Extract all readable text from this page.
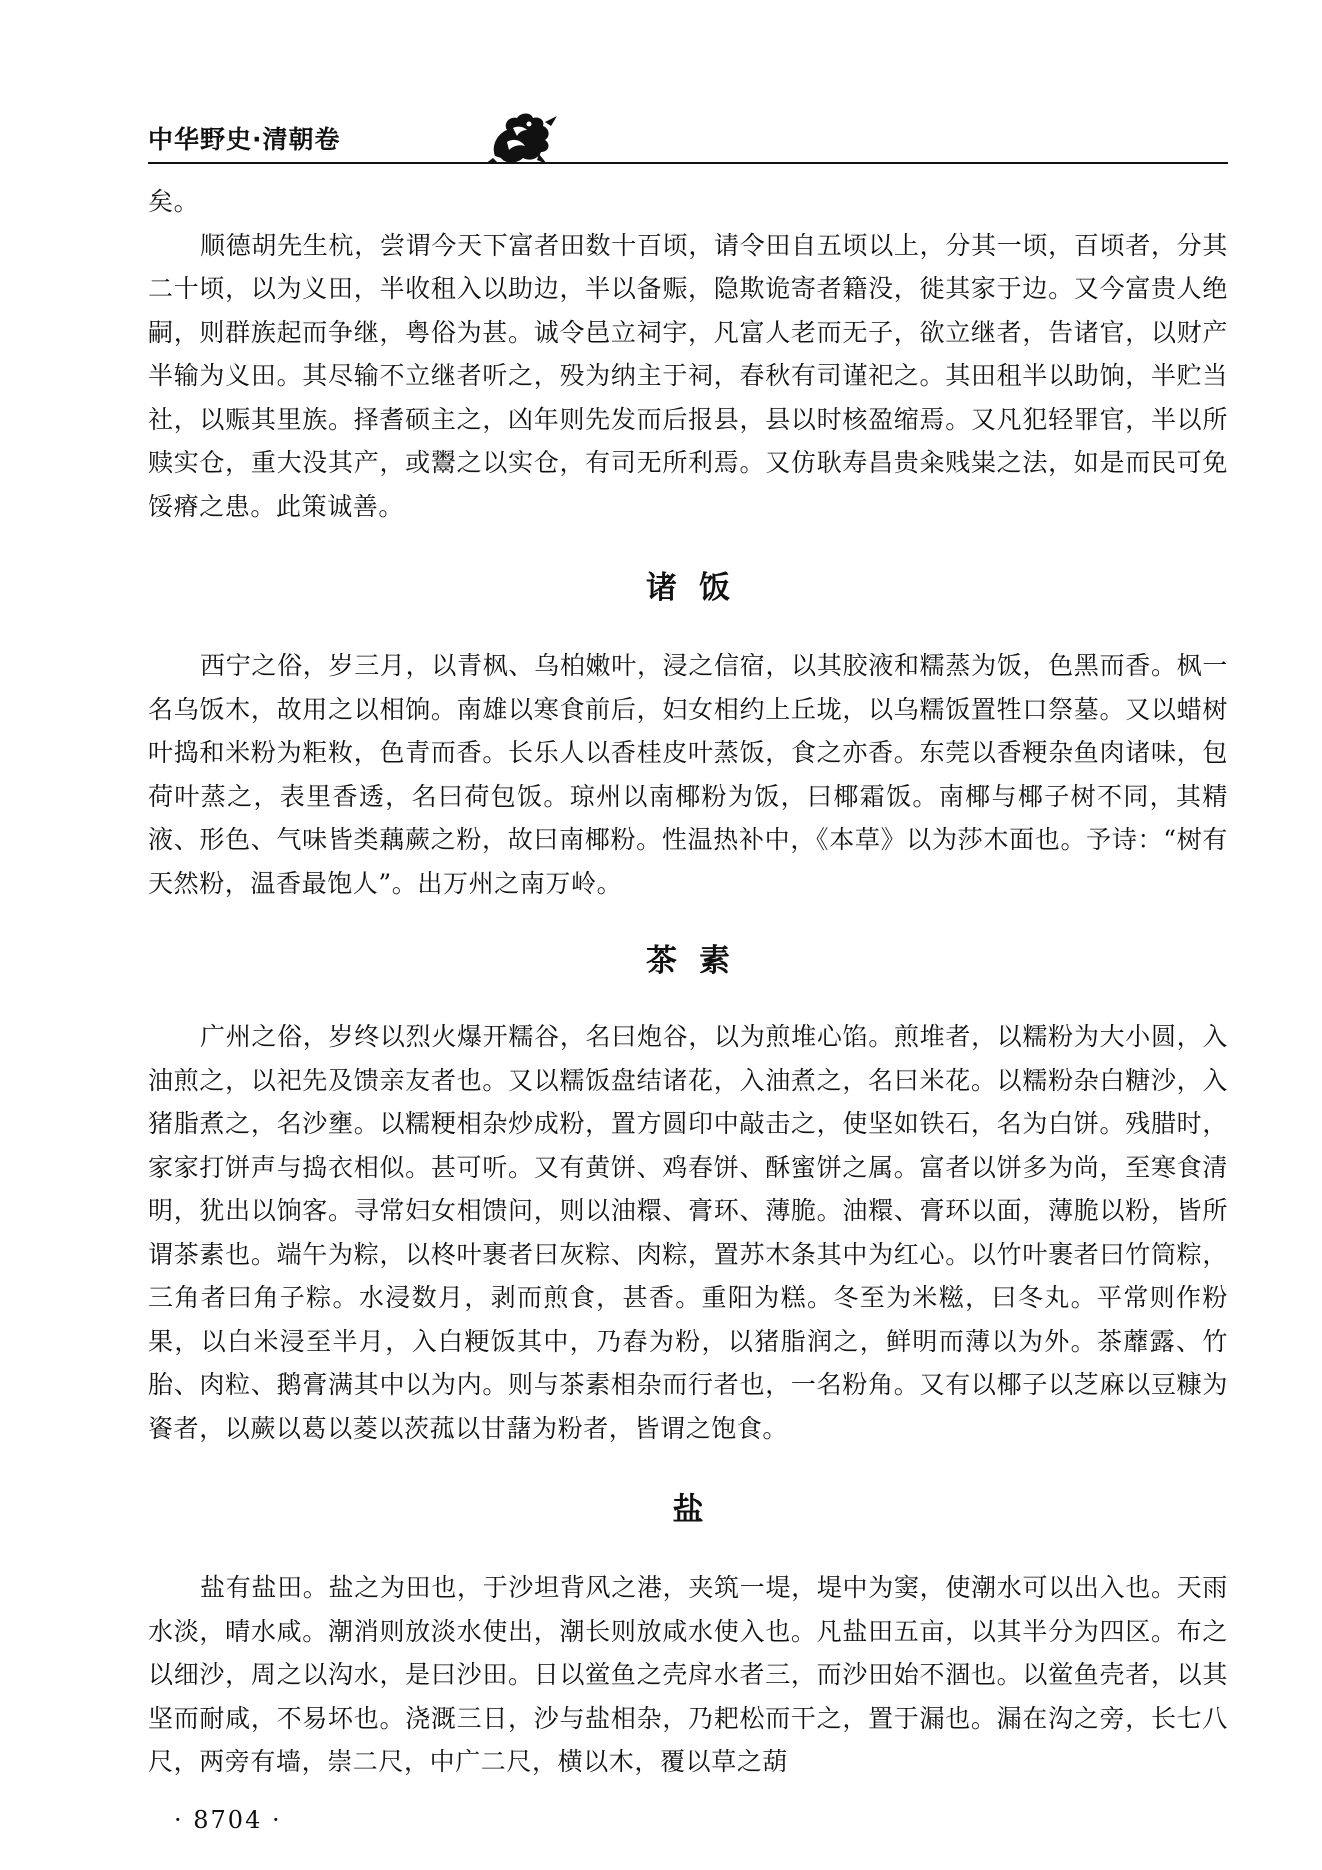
中华野史·清朝卷

矣。

顺德胡先生杭，尝谓今天下富者田数十百顷，请令田自五顷以上，分其一顷，百顷者，分其二十顷，以为义田，半收租入以助边，半以备赈，隐欺诡寄者籍没，徙其家于边。又今富贵人绝嗣，则群族起而争继，粤俗为甚。诚令邑立祠宇，凡富人老而无子，欲立继者，告诸官，以财产半输为义田。其尽输不立继者听之，殁为纳主于祠，春秋有司谨祀之。其田租半以助饷，半贮当社，以赈其里族。择耆硕主之，凶年则先发而后报县，县以时核盈缩焉。又凡犯轻罪官，半以所赎实仓，重大没其产，或鬻之以实仓，有司无所利焉。又仿耿寿昌贵籴贱粜之法，如是而民可免馁瘠之患。此策诚善。

诸饭

西宁之俗，岁三月，以青枫、乌柏嫩叶，浸之信宿，以其胶液和糯蒸为饭，色黑而香。枫一名乌饭木，故用之以相饷。南雄以寒食前后，妇女相约上丘垅，以乌糯饭置牲口祭墓。又以蜡树叶捣和米粉为粔籹，色青而香。长乐人以香桂皮叶蒸饭，食之亦香。东莞以香粳杂鱼肉诸味，包荷叶蒸之，表里香透，名曰荷包饭。琼州以南椰粉为饭，曰椰霜饭。南椰与椰子树不同，其精液、形色、气味皆类藕蕨之粉，故曰南椰粉。性温热补中，《本草》以为莎木面也。予诗：“树有天然粉，温香最饱人”。出万州之南万岭。

茶素

广州之俗，岁终以烈火爆开糯谷，名曰炮谷，以为煎堆心馅。煎堆者，以糯粉为大小圆，入油煎之，以祀先及馈亲友者也。又以糯饭盘结诸花，入油煮之，名曰米花。以糯粉杂白糖沙，入猪脂煮之，名沙壅。以糯粳相杂炒成粉，置方圆印中敲击之，使坚如铁石，名为白饼。残腊时，家家打饼声与捣衣相似。甚可听。又有黄饼、鸡春饼、酥蜜饼之属。富者以饼多为尚，至寒食清明，犹出以饷客。寻常妇女相馈问，则以油糫、膏环、薄脆。油糫、膏环以面，薄脆以粉，皆所谓茶素也。端午为粽，以柊叶裹者曰灰粽、肉粽，置苏木条其中为红心。以竹叶裹者曰竹筒粽，三角者曰角子粽。水浸数月，剥而煎食，甚香。重阳为糕。冬至为米糍，曰冬丸。平常则作粉果，以白米浸至半月，入白粳饭其中，乃舂为粉，以猪脂润之，鲜明而薄以为外。茶蘼露、竹胎、肉粒、鹅膏满其中以为内。则与茶素相杂而行者也，一名粉角。又有以椰子以芝麻以豆糠为餈者，以蕨以葛以菱以茨菰以甘藷为粉者，皆谓之饱食。

盐

盐有盐田。盐之为田也，于沙坦背风之港，夹筑一堤，堤中为窦，使潮水可以出入也。天雨水淡，晴水咸。潮消则放淡水使出，潮长则放咸水使入也。凡盐田五亩，以其半分为四区。布之以细沙，周之以沟水，是曰沙田。日以鲎鱼之壳戽水者三，而沙田始不涸也。以鲎鱼壳者，以其坚而耐咸，不易坏也。浇溉三日，沙与盐相杂，乃耙松而干之，置于漏也。漏在沟之旁，长七八尺，两旁有墙，崇二尺，中广二尺，横以木，覆以草之葫

· 8704 ·
